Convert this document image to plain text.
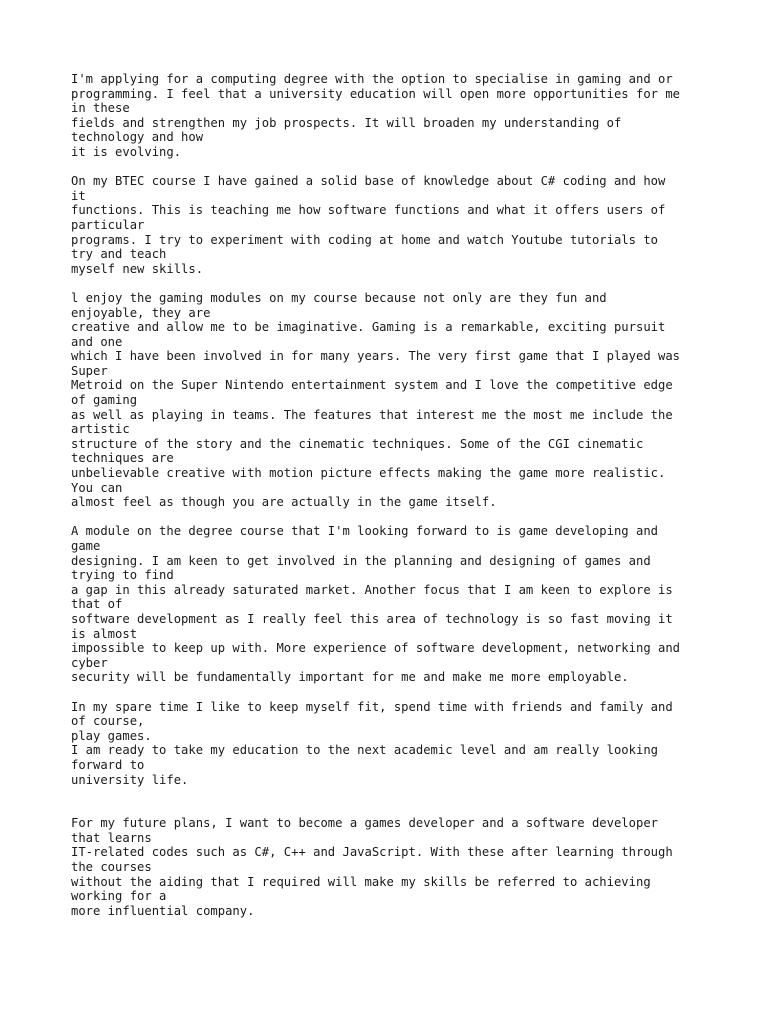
I'm applying for a computing degree with the option to specialise in gaming and or
programming. I feel that a university education will open more opportunities for me
in these
fields and strengthen my job prospects. It will broaden my understanding of
technology and how
it is evolving.
On my BTEC course I have gained a solid base of knowledge about C# coding and how
it
functions. This is teaching me how software functions and what it offers users of
particular
programs. I try to experiment with coding at home and watch Youtube tutorials to
try and teach
myself new skills.
l enjoy the gaming modules on my course because not only are they fun and
enjoyable, they are
creative and allow me to be imaginative. Gaming is a remarkable, exciting pursuit
and one
which I have been involved in for many years. The very first game that I played was
Super
Metroid on the Super Nintendo entertainment system and I love the competitive edge
of gaming
as well as playing in teams. The features that interest me the most me include the
artistic
structure of the story and the cinematic techniques. Some of the CGI cinematic
techniques are
unbelievable creative with motion picture effects making the game more realistic.
You can
almost feel as though you are actually in the game itself.
A module on the degree course that I'm looking forward to is game developing and
game
designing. I am keen to get involved in the planning and designing of games and
trying to find
a gap in this already saturated market. Another focus that I am keen to explore is
that of
software development as I really feel this area of technology is so fast moving it
is almost
impossible to keep up with. More experience of software development, networking and
cyber
security will be fundamentally important for me and make me more employable.
In my spare time I like to keep myself fit, spend time with friends and family and
of course,
play games.
I am ready to take my education to the next academic level and am really looking
forward to
university life.
For my future plans, I want to become a games developer and a software developer
that learns
IT-related codes such as C#, C++ and JavaScript. With these after learning through
the courses
without the aiding that I required will make my skills be referred to achieving
working for a
more influential company.
